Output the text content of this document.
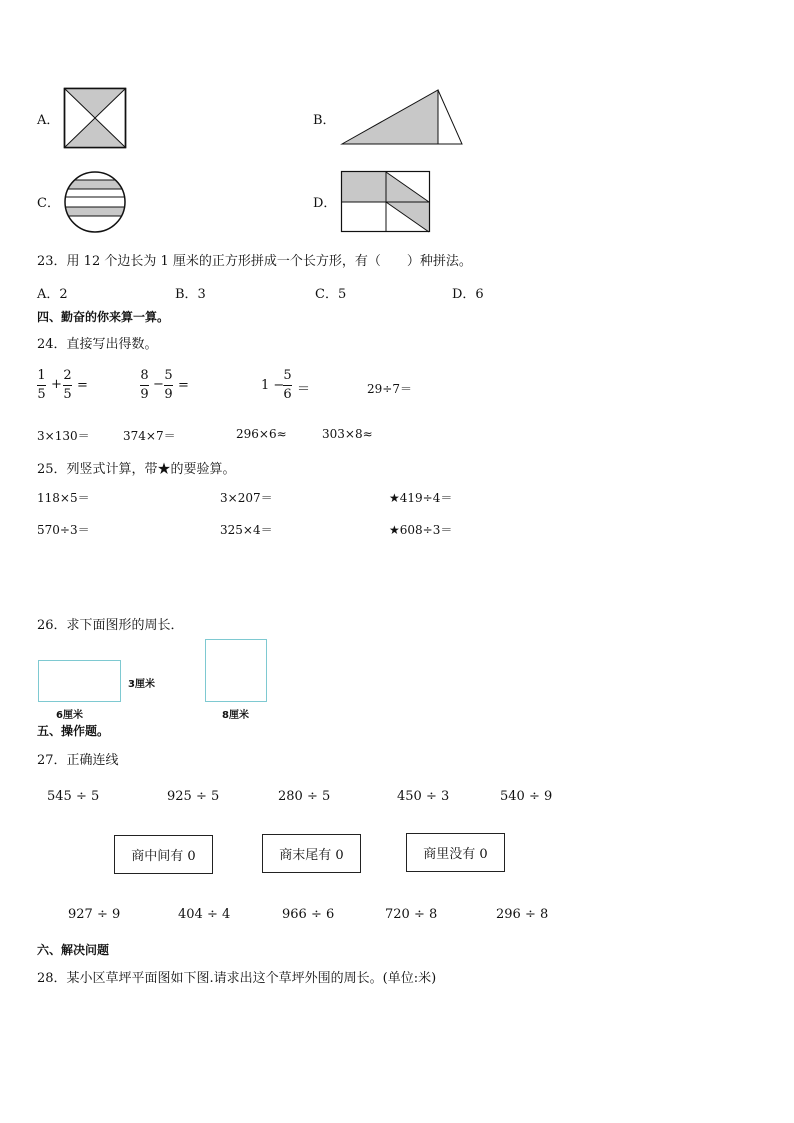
A．	B．
C．	D．
23．用 12 个边长为 1 厘米的正方形拼成一个长方形，有（　　）种拼法。
A．2	B．3	C．5	D．6
四、勤奋的你来算一算。
24．直接写出得数。
1
5
+
2
5
=
8
9
−
5
9
=	1 −
5
6 ＝	29÷7＝
3×130＝	374×7＝	296×6≈	303×8≈
25．列竖式计算，带★的要验算。
118×5＝	3×207＝	★419÷4＝
570÷3＝	325×4＝	★608÷3＝
26．求下面图形的周长．
3厘米
6厘米	8厘米
五、操作题。
27．正确连线
545 ÷ 5	925 ÷ 5	280 ÷ 5	450 ÷ 3	540 ÷ 9
商中间有 0	商末尾有 0	商里没有 0
927 ÷ 9	404 ÷ 4	966 ÷ 6	720 ÷ 8	296 ÷ 8
六、解决问题
28．某小区草坪平面图如下图.请求出这个草坪外围的周长。(单位:米)
